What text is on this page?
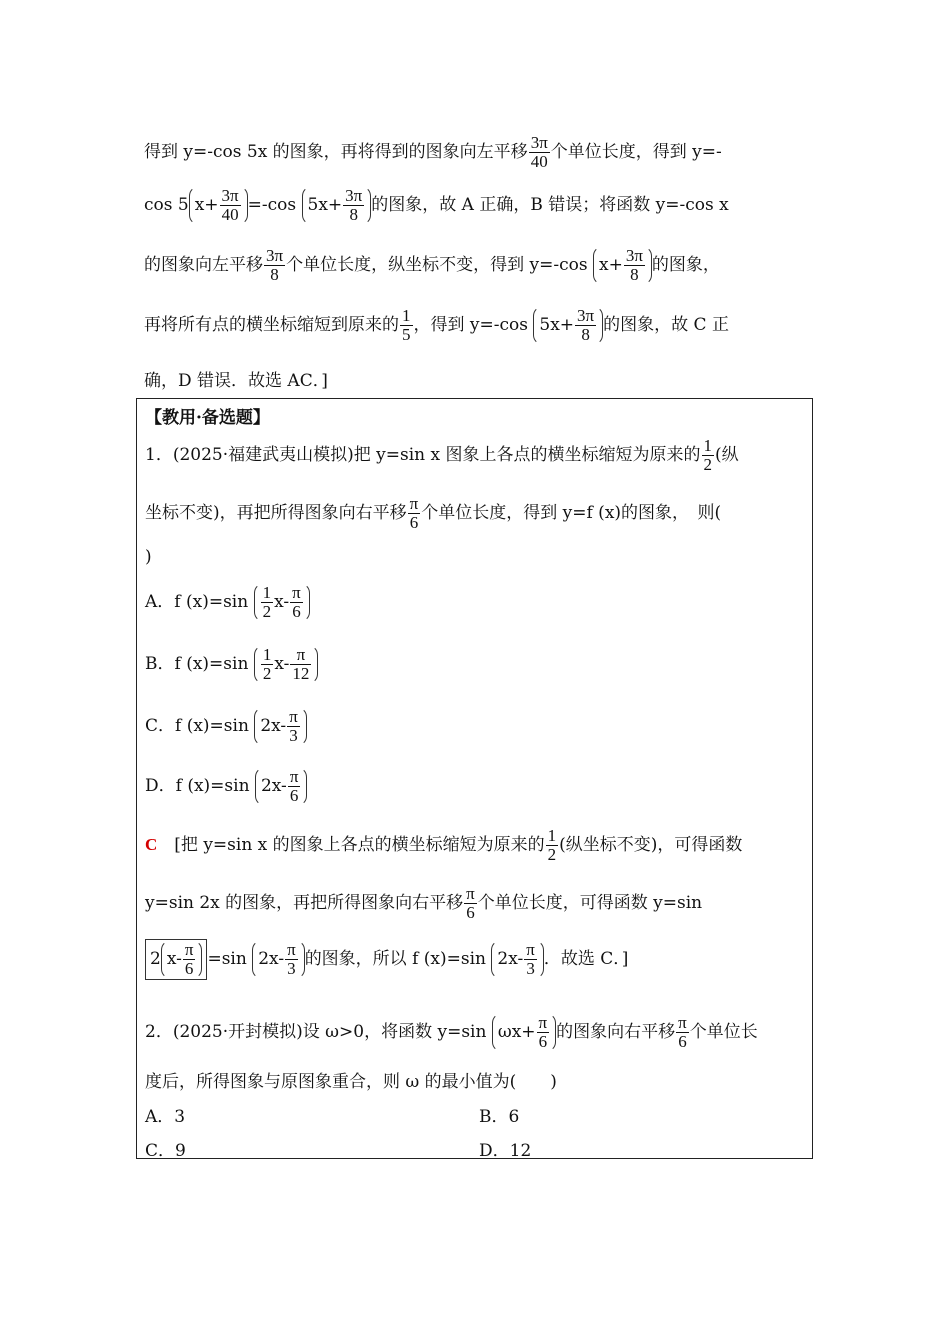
得到 y=-cos 5x 的图象，再将得到的图象向左平移 $\frac{3\pi}{40}$ 个单位长度，得到 y=-
cos 5 $x+ \frac{3\pi}{40} =-\cos$ $5x+ \frac{3\pi}{8}$ 的图象，故 A 正确，B 错误；将函数 y=-cos x
的图象向左平移 $\frac{3\pi}{8}$ 个单位长度，纵坐标不变，得到 y=-cos $x+ \frac{3\pi}{8}$ 的图象，
再将所有点的横坐标缩短到原来的 $\frac{1}{5}$ ，得到 y=-cos $5x+ \frac{3\pi}{8}$ 的图象，故 C 正
确，D 错误．故选 AC．]
【教用·备选题】
1．(2025·福建武夷山模拟)把 y=sin x 图象上各点的横坐标缩短为原来的 $\frac{1}{2}$ (纵
坐标不变)，再把所得图象向右平移 $\frac{\pi}{6}$ 个单位长度，得到 y=f (x)的图象，　则(
)
A．f $(x)=\sin \frac{1}{2} x- \frac{\pi}{6}$
B．f $(x)=\sin \frac{1}{2} x- \frac{\pi}{12}$
C．f (x)=sin $2x- \frac{\pi}{3}$
D．f (x)=sin $2x- \frac{\pi}{6}$
C　 [把 y=sin x 的图象上各点的横坐标缩短为原来的 $\frac{1}{2}$ (纵坐标不变)，可得函数
y=sin 2x 的图象，再把所得图象向右平移 $\frac{\pi}{6}$ 个单位长度，可得函数 y=sin
2 $x- \frac{\pi}{6} =\sin$ $2x- \frac{\pi}{3}$ 的图象，所以 f (x)=sin $2x- \frac{\pi}{3}$ ．故选 C．]
2．(2025·开封模拟)设 ω>0，将函数 y=sin $\omega x+ \frac{\pi}{6}$ 的图象向右平移 $\frac{\pi}{6}$ 个单位长
度后，所得图象与原图象重合，则 ω 的最小值为(　　)
A．3	B．6
C．9	D．12
